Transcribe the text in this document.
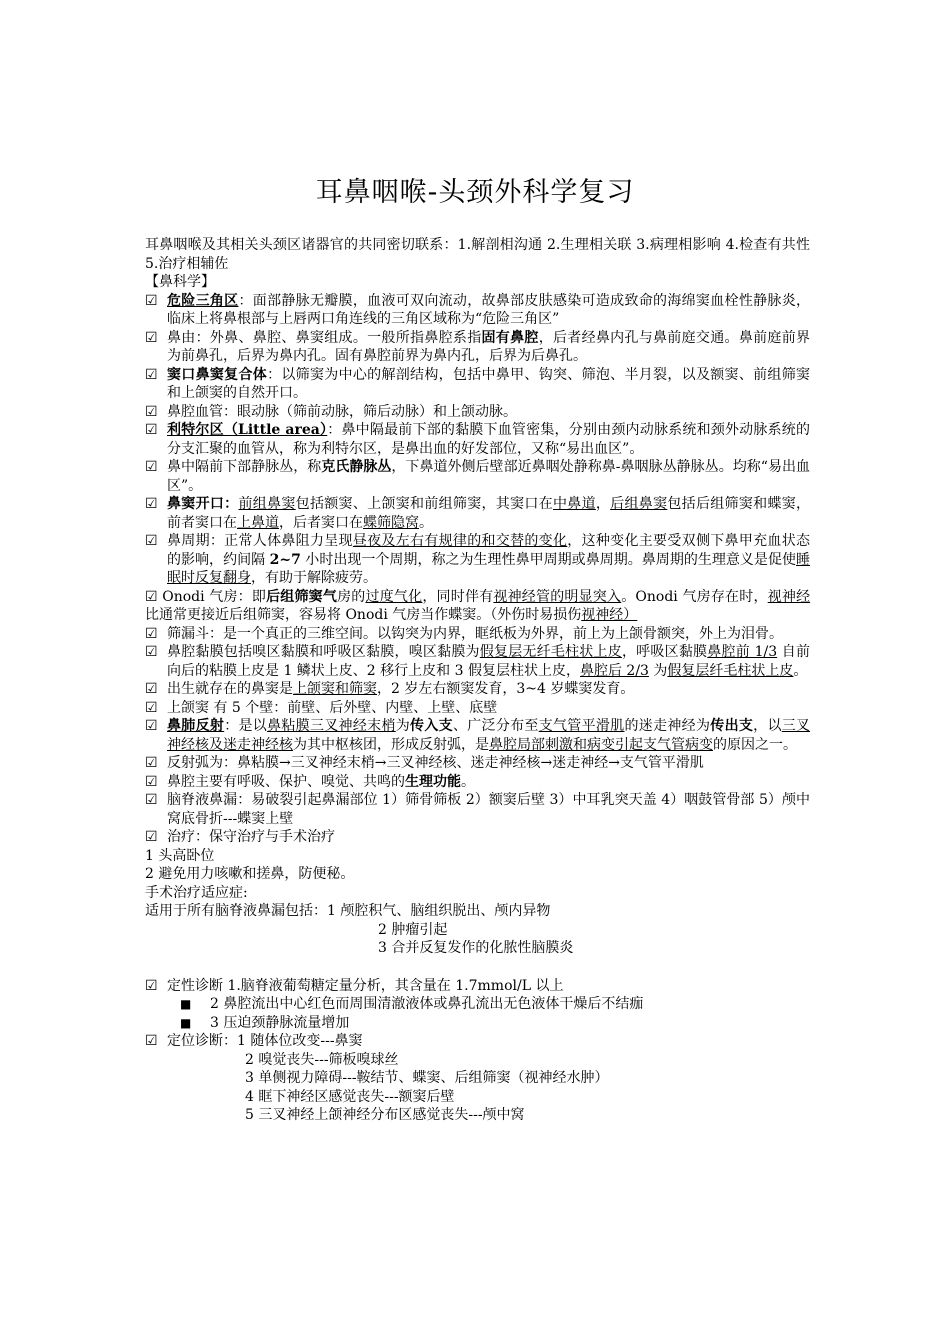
耳鼻咽喉-头颈外科学复习

耳鼻咽喉及其相关头颈区诸器官的共同密切联系：1.解剖相沟通 2.生理相关联 3.病理相影响 4.检查有共性 5.治疗相辅佐

【鼻科学】

☑ 危险三角区：面部静脉无瓣膜，血液可双向流动，故鼻部皮肤感染可造成致命的海绵窦血栓性静脉炎，临床上将鼻根部与上唇两口角连线的三角区域称为“危险三角区”

☑ 鼻由：外鼻、鼻腔、鼻窦组成。一般所指鼻腔系指固有鼻腔，后者经鼻内孔与鼻前庭交通。鼻前庭前界为前鼻孔，后界为鼻内孔。固有鼻腔前界为鼻内孔，后界为后鼻孔。

☑ 窦口鼻窦复合体：以筛窦为中心的解剖结构，包括中鼻甲、钩突、筛泡、半月裂，以及额窦、前组筛窦和上颌窦的自然开口。

☑ 鼻腔血管：眼动脉（筛前动脉，筛后动脉）和上颌动脉。

☑ 利特尔区（Little area）：鼻中隔最前下部的黏膜下血管密集，分别由颈内动脉系统和颈外动脉系统的分支汇聚的血管从，称为利特尔区，是鼻出血的好发部位，又称“易出血区”。

☑ 鼻中隔前下部静脉丛，称克氏静脉丛，下鼻道外侧后壁部近鼻咽处静称鼻-鼻咽脉丛静脉丛。均称“易出血区”。

☑ 鼻窦开口：前组鼻窦包括额窦、上颌窦和前组筛窦，其窦口在中鼻道，后组鼻窦包括后组筛窦和蝶窦，前者窦口在上鼻道，后者窦口在蝶筛隐窝。

☑ 鼻周期：正常人体鼻阻力呈现昼夜及左右有规律的和交替的变化，这种变化主要受双侧下鼻甲充血状态的影响，约间隔 2~7 小时出现一个周期，称之为生理性鼻甲周期或鼻周期。鼻周期的生理意义是促使睡眠时反复翻身，有助于解除疲劳。

☑ Onodi 气房：即后组筛窦气房的过度气化，同时伴有视神经管的明显突入。Onodi 气房存在时，视神经比通常更接近后组筛窦，容易将 Onodi 气房当作蝶窦。（外伤时易损伤视神经）

☑ 筛漏斗：是一个真正的三维空间。以钩突为内界，眶纸板为外界，前上为上颌骨额突，外上为泪骨。

☑ 鼻腔黏膜包括嗅区黏膜和呼吸区黏膜，嗅区黏膜为假复层无纤毛柱状上皮，呼吸区黏膜鼻腔前 1/3 自前向后的粘膜上皮是 1 鳞状上皮、2 移行上皮和 3 假复层柱状上皮，鼻腔后 2/3 为假复层纤毛柱状上皮。

☑ 出生就存在的鼻窦是上颌窦和筛窦，2 岁左右额窦发育，3~4 岁蝶窦发育。

☑ 上颌窦 有 5 个壁：前壁、后外壁、内壁、上壁、底壁

☑ 鼻肺反射：是以鼻粘膜三叉神经末梢为传入支、广泛分布至支气管平滑肌的迷走神经为传出支，以三叉神经核及迷走神经核为其中枢核团，形成反射弧，是鼻腔局部刺激和病变引起支气管病变的原因之一。

☑ 反射弧为：鼻粘膜→三叉神经末梢→三叉神经核、迷走神经核→迷走神经→支气管平滑肌

☑ 鼻腔主要有呼吸、保护、嗅觉、共鸣的生理功能。

☑ 脑脊液鼻漏：易破裂引起鼻漏部位 1）筛骨筛板 2）额窦后壁 3）中耳乳突天盖 4）咽鼓管骨部 5）颅中窝底骨折---蝶窦上壁

☑ 治疗：保守治疗与手术治疗

1 头高卧位

2 避免用力咳嗽和搓鼻，防便秘。

手术治疗适应症:

适用于所有脑脊液鼻漏包括：1 颅腔积气、脑组织脱出、颅内异物

2 肿瘤引起

3 合并反复发作的化脓性脑膜炎

☑ 定性诊断 1.脑脊液葡萄糖定量分析，其含量在 1.7mmol/L 以上

■ 2 鼻腔流出中心红色而周围清澈液体或鼻孔流出无色液体干燥后不结痂

■ 3 压迫颈静脉流量增加

☑ 定位诊断：1 随体位改变---鼻窦

2 嗅觉丧失---筛板嗅球丝

3 单侧视力障碍---鞍结节、蝶窦、后组筛窦（视神经水肿）

4 眶下神经区感觉丧失---额窦后壁

5 三叉神经上颌神经分布区感觉丧失---颅中窝
